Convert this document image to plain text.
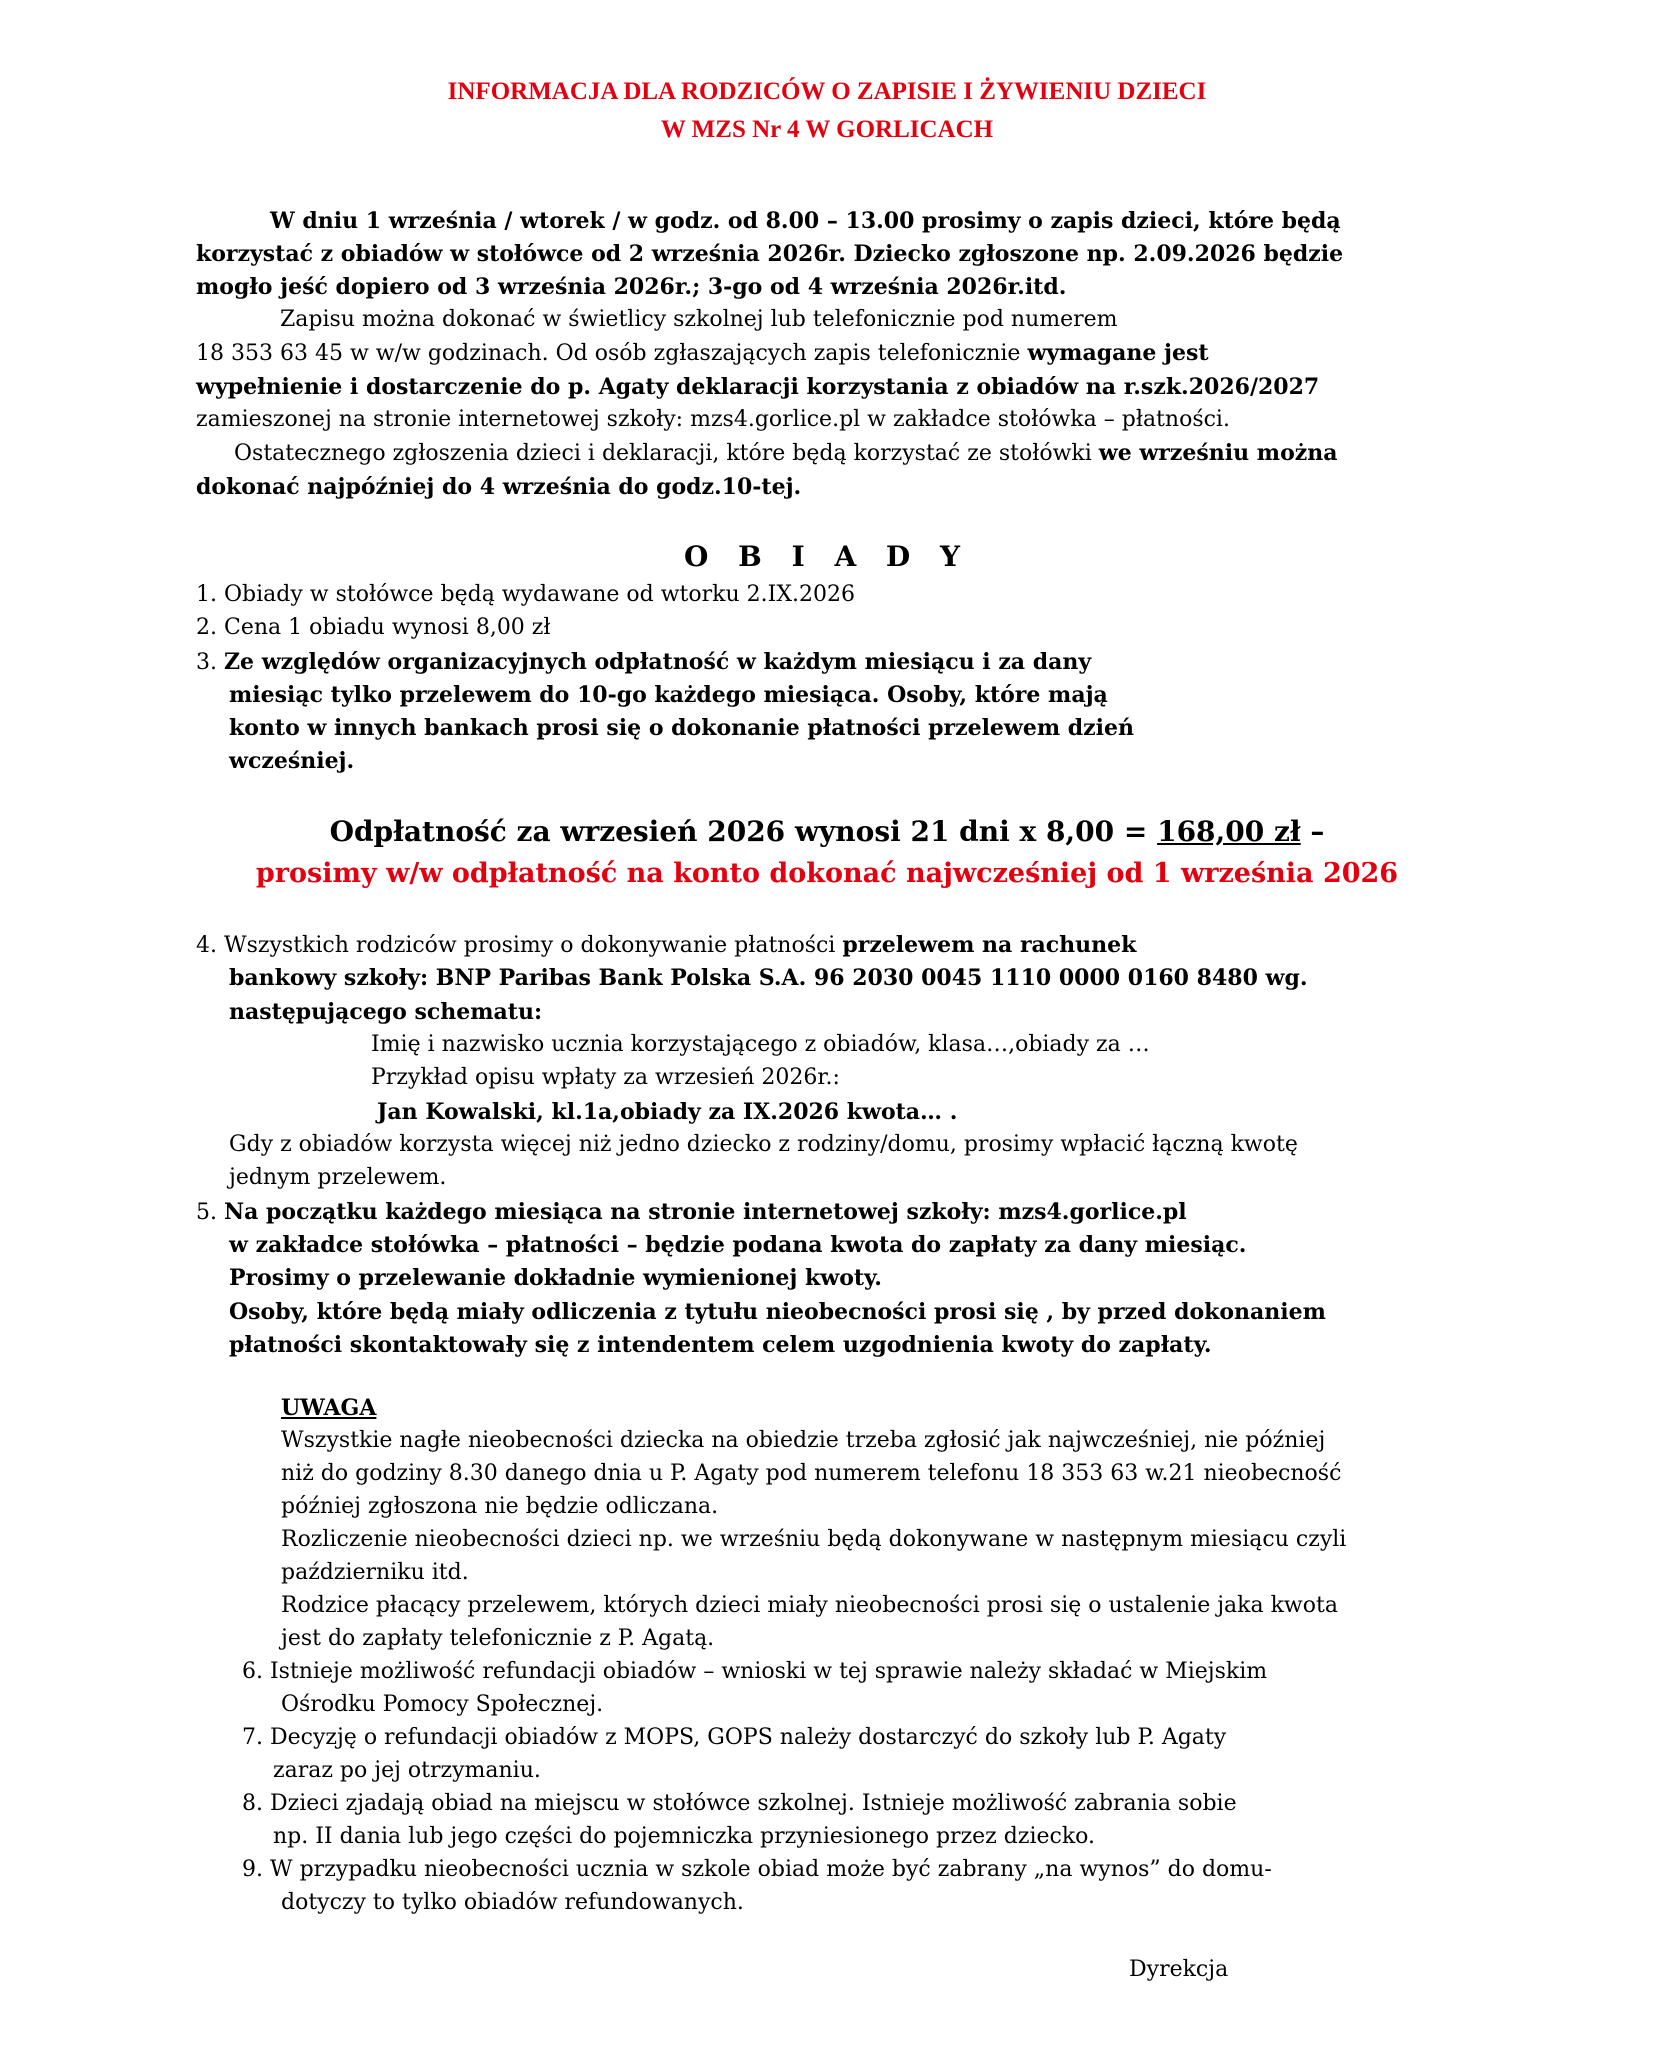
INFORMACJA DLA RODZICÓW O ZAPISIE I ŻYWIENIU DZIECI
W MZS Nr 4 W GORLICACH
W dniu 1 września / wtorek / w godz. od 8.00 – 13.00 prosimy o zapis dzieci, które będą
korzystać z obiadów w stołówce od 2 września 2026r. Dziecko zgłoszone np. 2.09.2026 będzie
mogło jeść dopiero od 3 września 2026r.; 3-go od 4 września 2026r.itd.
Zapisu można dokonać w świetlicy szkolnej lub telefonicznie pod numerem
18 353 63 45 w w/w godzinach. Od osób zgłaszających zapis telefonicznie wymagane jest
wypełnienie i dostarczenie do p. Agaty deklaracji korzystania z obiadów na r.szk.2026/2027
zamieszonej na stronie internetowej szkoły: mzs4.gorlice.pl w zakładce stołówka – płatności.
Ostatecznego zgłoszenia dzieci i deklaracji, które będą korzystać ze stołówki we wrześniu można
dokonać najpóźniej do 4 września do godz.10-tej.
O B I A D Y
1. Obiady w stołówce będą wydawane od wtorku 2.IX.2026
2. Cena 1 obiadu wynosi 8,00 zł
3. Ze względów organizacyjnych odpłatność w każdym miesiącu i za dany
miesiąc tylko przelewem do 10-go każdego miesiąca. Osoby, które mają
konto w innych bankach prosi się o dokonanie płatności przelewem dzień
wcześniej.
Odpłatność za wrzesień 2026 wynosi 21 dni x 8,00 = 168,00 zł –
prosimy w/w odpłatność na konto dokonać najwcześniej od 1 września 2026
4. Wszystkich rodziców prosimy o dokonywanie płatności przelewem na rachunek
bankowy szkoły: BNP Paribas Bank Polska S.A. 96 2030 0045 1110 0000 0160 8480 wg.
następującego schematu:
Imię i nazwisko ucznia korzystającego z obiadów, klasa…,obiady za …
Przykład opisu wpłaty za wrzesień 2026r.:
Jan Kowalski, kl.1a,obiady za IX.2026 kwota… .
Gdy z obiadów korzysta więcej niż jedno dziecko z rodziny/domu, prosimy wpłacić łączną kwotę
jednym przelewem.
5. Na początku każdego miesiąca na stronie internetowej szkoły: mzs4.gorlice.pl
w zakładce stołówka – płatności – będzie podana kwota do zapłaty za dany miesiąc.
Prosimy o przelewanie dokładnie wymienionej kwoty.
Osoby, które będą miały odliczenia z tytułu nieobecności prosi się , by przed dokonaniem
płatności skontaktowały się z intendentem celem uzgodnienia kwoty do zapłaty.
UWAGA
Wszystkie nagłe nieobecności dziecka na obiedzie trzeba zgłosić jak najwcześniej, nie później
niż do godziny 8.30 danego dnia u P. Agaty pod numerem telefonu 18 353 63 w.21 nieobecność
później zgłoszona nie będzie odliczana.
Rozliczenie nieobecności dzieci np. we wrześniu będą dokonywane w następnym miesiącu czyli
październiku itd.
Rodzice płacący przelewem, których dzieci miały nieobecności prosi się o ustalenie jaka kwota
jest do zapłaty telefonicznie z P. Agatą.
6. Istnieje możliwość refundacji obiadów – wnioski w tej sprawie należy składać w Miejskim
Ośrodku Pomocy Społecznej.
7. Decyzję o refundacji obiadów z MOPS, GOPS należy dostarczyć do szkoły lub P. Agaty
zaraz po jej otrzymaniu.
8. Dzieci zjadają obiad na miejscu w stołówce szkolnej. Istnieje możliwość zabrania sobie
np. II dania lub jego części do pojemniczka przyniesionego przez dziecko.
9. W przypadku nieobecności ucznia w szkole obiad może być zabrany „na wynos” do domu-
dotyczy to tylko obiadów refundowanych.
Dyrekcja
